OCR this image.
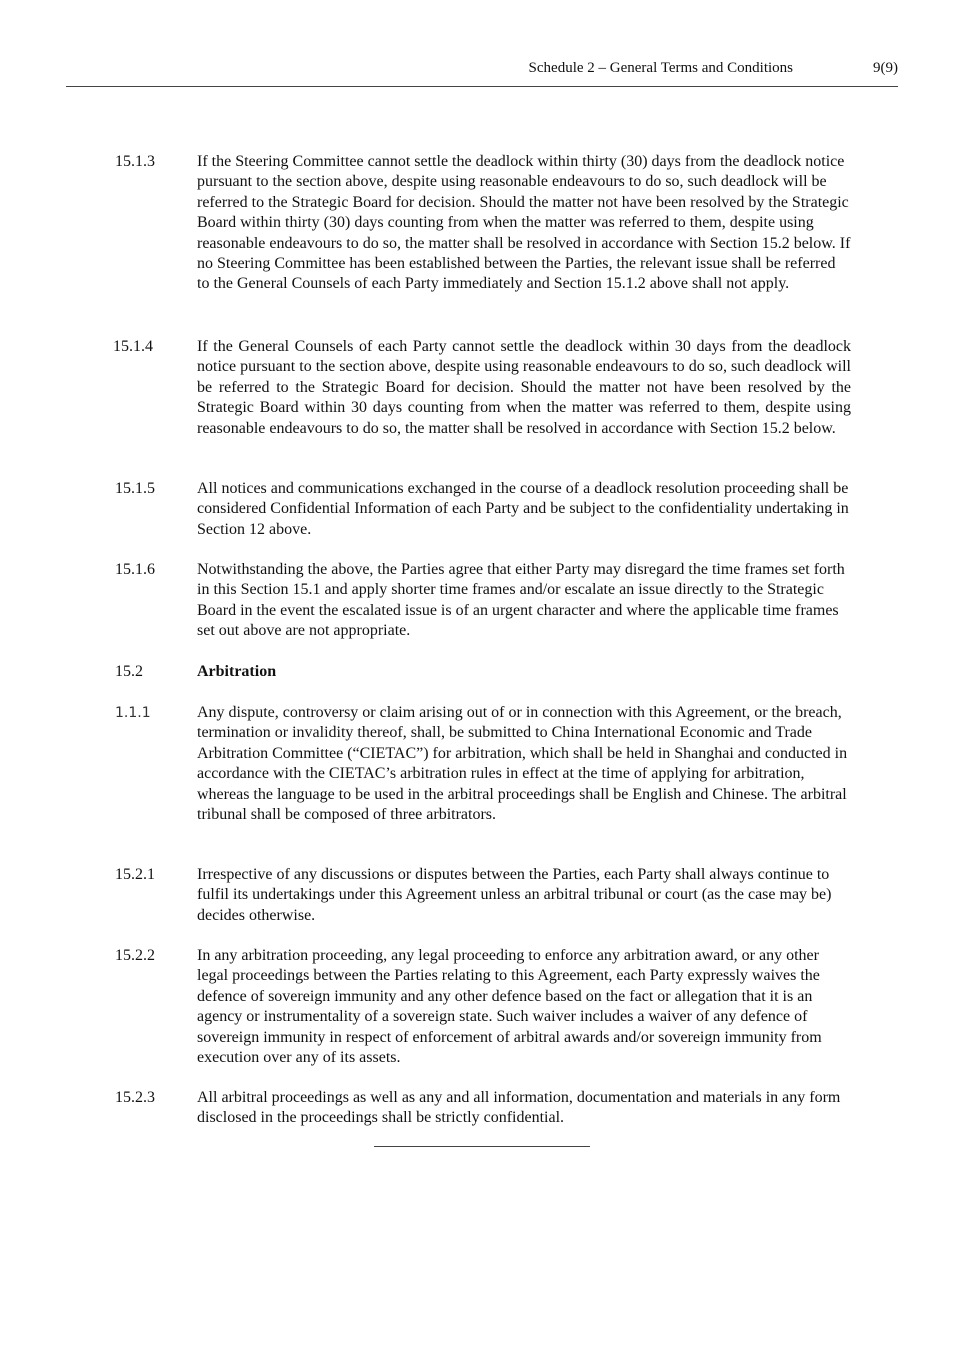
Schedule 2 – General Terms and Conditions	9(9)
15.1.3	If the Steering Committee cannot settle the deadlock within thirty (30) days from the deadlock notice pursuant to the section above, despite using reasonable endeavours to do so, such deadlock will be referred to the Strategic Board for decision. Should the matter not have been resolved by the Strategic Board within thirty (30) days counting from when the matter was referred to them, despite using reasonable endeavours to do so, the matter shall be resolved in accordance with Section 15.2 below. If no Steering Committee has been established between the Parties, the relevant issue shall be referred to the General Counsels of each Party immediately and Section 15.1.2 above shall not apply.
15.1.4	If the General Counsels of each Party cannot settle the deadlock within 30 days from the deadlock notice pursuant to the section above, despite using reasonable endeavours to do so, such deadlock will be referred to the Strategic Board for decision. Should the matter not have been resolved by the Strategic Board within 30 days counting from when the matter was referred to them, despite using reasonable endeavours to do so, the matter shall be resolved in accordance with Section 15.2 below.
15.1.5	All notices and communications exchanged in the course of a deadlock resolution proceeding shall be considered Confidential Information of each Party and be subject to the confidentiality undertaking in Section 12 above.
15.1.6	Notwithstanding the above, the Parties agree that either Party may disregard the time frames set forth in this Section 15.1 and apply shorter time frames and/or escalate an issue directly to the Strategic Board in the event the escalated issue is of an urgent character and where the applicable time frames set out above are not appropriate.
15.2	Arbitration
1.1.1	Any dispute, controversy or claim arising out of or in connection with this Agreement, or the breach, termination or invalidity thereof, shall, be submitted to China International Economic and Trade Arbitration Committee (“CIETAC”) for arbitration, which shall be held in Shanghai and conducted in accordance with the CIETAC’s arbitration rules in effect at the time of applying for arbitration, whereas the language to be used in the arbitral proceedings shall be English and Chinese. The arbitral tribunal shall be composed of three arbitrators.
15.2.1	Irrespective of any discussions or disputes between the Parties, each Party shall always continue to fulfil its undertakings under this Agreement unless an arbitral tribunal or court (as the case may be) decides otherwise.
15.2.2	In any arbitration proceeding, any legal proceeding to enforce any arbitration award, or any other legal proceedings between the Parties relating to this Agreement, each Party expressly waives the defence of sovereign immunity and any other defence based on the fact or allegation that it is an agency or instrumentality of a sovereign state. Such waiver includes a waiver of any defence of sovereign immunity in respect of enforcement of arbitral awards and/or sovereign immunity from execution over any of its assets.
15.2.3	All arbitral proceedings as well as any and all information, documentation and materials in any form disclosed in the proceedings shall be strictly confidential.
